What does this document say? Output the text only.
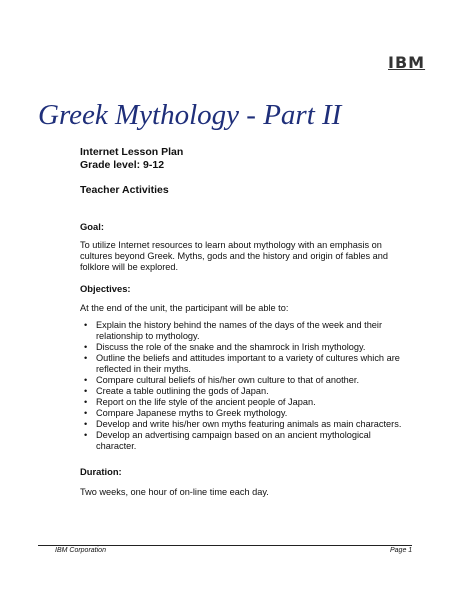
IBM
Greek Mythology - Part II
Internet Lesson Plan
Grade level: 9-12
Teacher Activities
Goal:
To utilize Internet resources to learn about mythology with an emphasis on cultures beyond Greek. Myths, gods and the history and origin of fables and folklore will be explored.
Objectives:
At the end of the unit, the participant will be able to:
• Explain the history behind the names of the days of the week and their relationship to mythology.
• Discuss the role of the snake and the shamrock in Irish mythology.
• Outline the beliefs and attitudes important to a variety of cultures which are reflected in their myths.
• Compare cultural beliefs of his/her own culture to that of another.
• Create a table outlining the gods of Japan.
• Report on the life style of the ancient people of Japan.
• Compare Japanese myths to Greek mythology.
• Develop and write his/her own myths featuring animals as main characters.
• Develop an advertising campaign based on an ancient mythological character.
Duration:
Two weeks, one hour of on-line time each day.
IBM Corporation	Page 1
